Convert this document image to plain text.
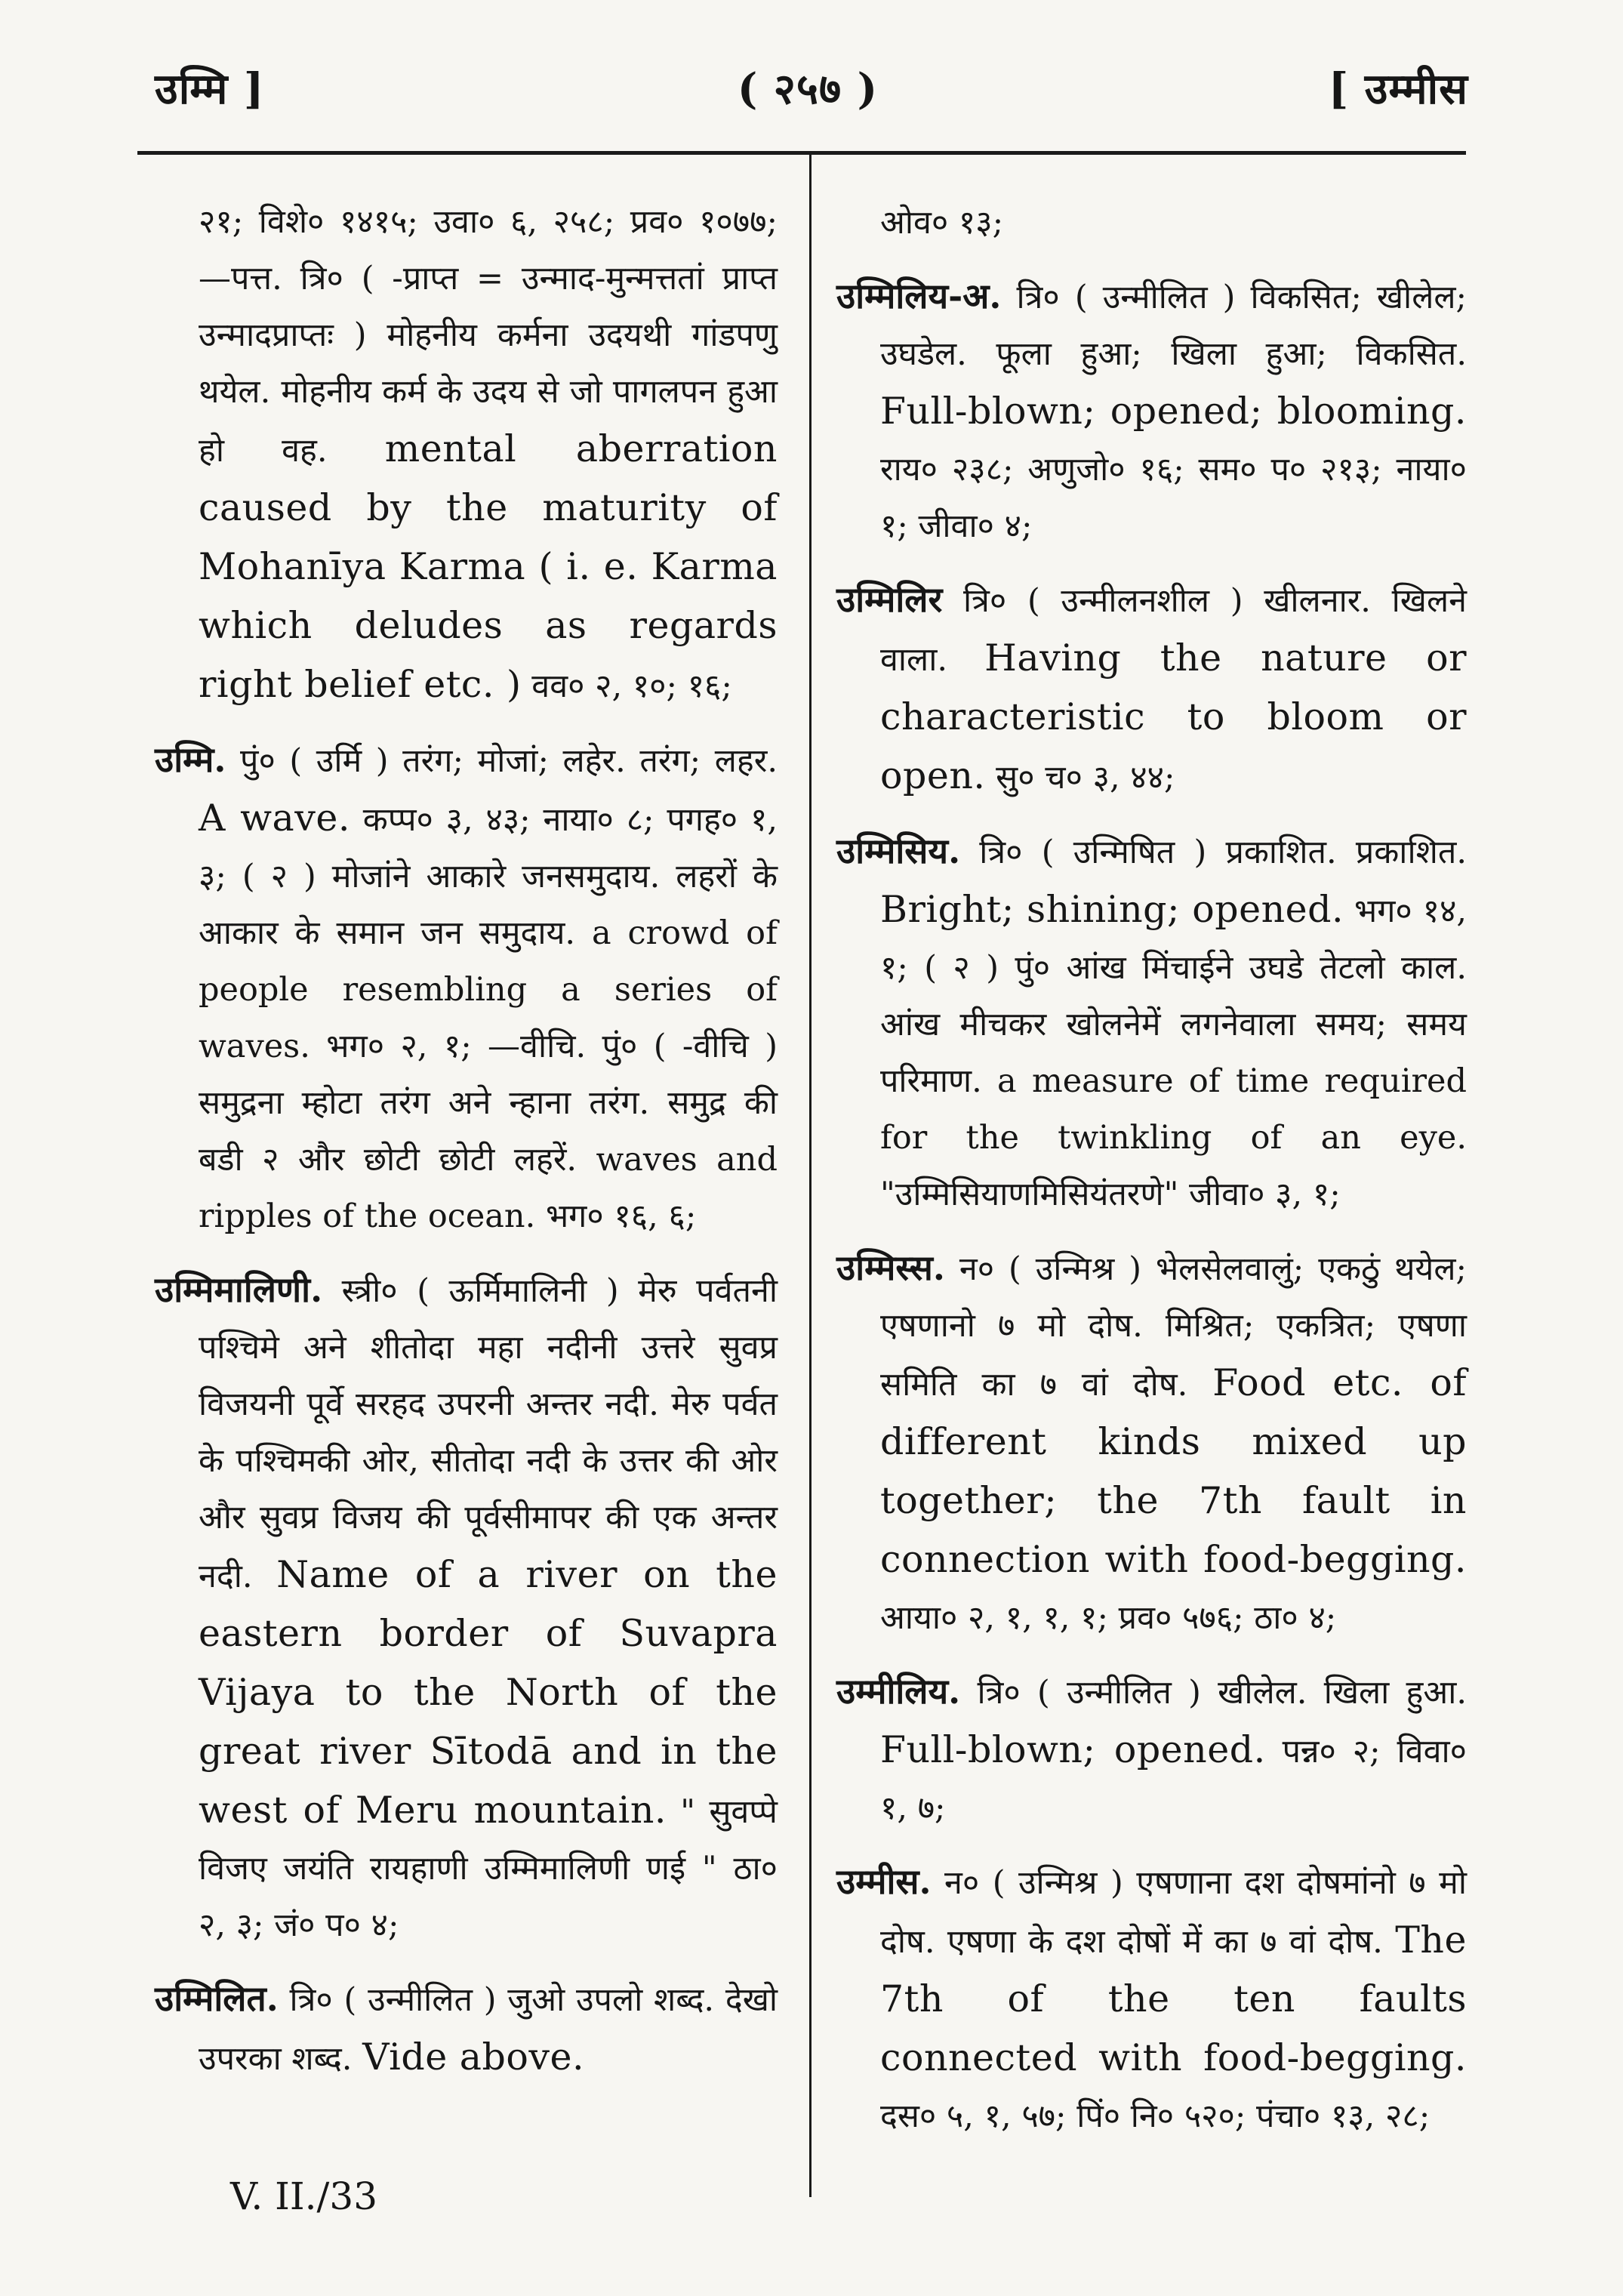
उम्मि ]	( २५७ )	[ उम्मीस

२१; विशे० १४१५; उवा० ६, २५८; प्रव० १०७७; —पत्त. त्रि० ( -प्राप्त = उन्माद-मुन्मत्ततां प्राप्त उन्मादप्राप्तः ) मोहनीय कर्मना उदयथी गांडपणु थयेल. मोहनीय कर्म के उदय से जो पागलपन हुआ हो वह. mental aberration caused by the maturity of Mohanīya Karma ( i. e. Karma which deludes as regards right belief etc. ) वव० २, १०; १६;

उम्मि. पुं० ( उर्मि ) तरंग; मोजां; लहेर. तरंग; लहर. A wave. कप्प० ३, ४३; नाया० ८; पगह० १, ३; ( २ ) मोजांने आकारे जनसमुदाय. लहरों के आकार के समान जन समुदाय. a crowd of people resembling a series of waves. भग० २, १; —वीचि. पुं० ( -वीचि ) समुद्रना म्होटा तरंग अने न्हाना तरंग. समुद्र की बडी २ और छोटी छोटी लहरें. waves and ripples of the ocean. भग० १६, ६;

उम्मिमालिणी. स्त्री० ( ऊर्मिमालिनी ) मेरु पर्वतनी पश्चिमे अने शीतोदा महा नदीनी उत्तरे सुवप्र विजयनी पूर्वे सरहद उपरनी अन्तर नदी. मेरु पर्वत के पश्चिमकी ओर, सीतोदा नदी के उत्तर की ओर और सुवप्र विजय की पूर्वसीमापर की एक अन्तर नदी. Name of a river on the eastern border of Suvapra Vijaya to the North of the great river Sītodā and in the west of Meru mountain. " सुवप्पे विजए जयंति रायहाणी उम्मिमालिणी णई " ठा० २, ३; जं० प० ४;

उम्मिलित. त्रि० ( उन्मीलित ) जुओ उपलो शब्द. देखो उपरका शब्द. Vide above.

ओव० १३;

उम्मिलिय-अ. त्रि० ( उन्मीलित ) विकसित; खीलेल; उघडेल. फूला हुआ; खिला हुआ; विकसित. Full-blown; opened; blooming. राय० २३८; अणुजो० १६; सम० प० २१३; नाया० १; जीवा० ४;

उम्मिलिर त्रि० ( उन्मीलनशील ) खीलनार. खिलने वाला. Having the nature or characteristic to bloom or open. सु० च० ३, ४४;

उम्मिसिय. त्रि० ( उन्मिषित ) प्रकाशित. प्रकाशित. Bright; shining; opened. भग० १४, १; ( २ ) पुं० आंख मिंचाईने उघडे तेटलो काल. आंख मीचकर खोलनेमें लगनेवाला समय; समय परिमाण. a measure of time required for the twinkling of an eye. "उम्मिसियाणमिसियंतरणे" जीवा० ३, १;

उम्मिस्स. न० ( उन्मिश्र ) भेलसेलवालुं; एकठुं थयेल; एषणानो ७ मो दोष. मिश्रित; एकत्रित; एषणा समिति का ७ वां दोष. Food etc. of different kinds mixed up together; the 7th fault in connection with food-begging. आया० २, १, १, १; प्रव० ५७६; ठा० ४;

उम्मीलिय. त्रि० ( उन्मीलित ) खीलेल. खिला हुआ. Full-blown; opened. पन्न० २; विवा० १, ७;

उम्मीस. न० ( उन्मिश्र ) एषणाना दश दोषमांनो ७ मो दोष. एषणा के दश दोषों में का ७ वां दोष. The 7th of the ten faults connected with food-begging. दस० ५, १, ५७; पिं० नि० ५२०; पंचा० १३, २८;

V. II./33
